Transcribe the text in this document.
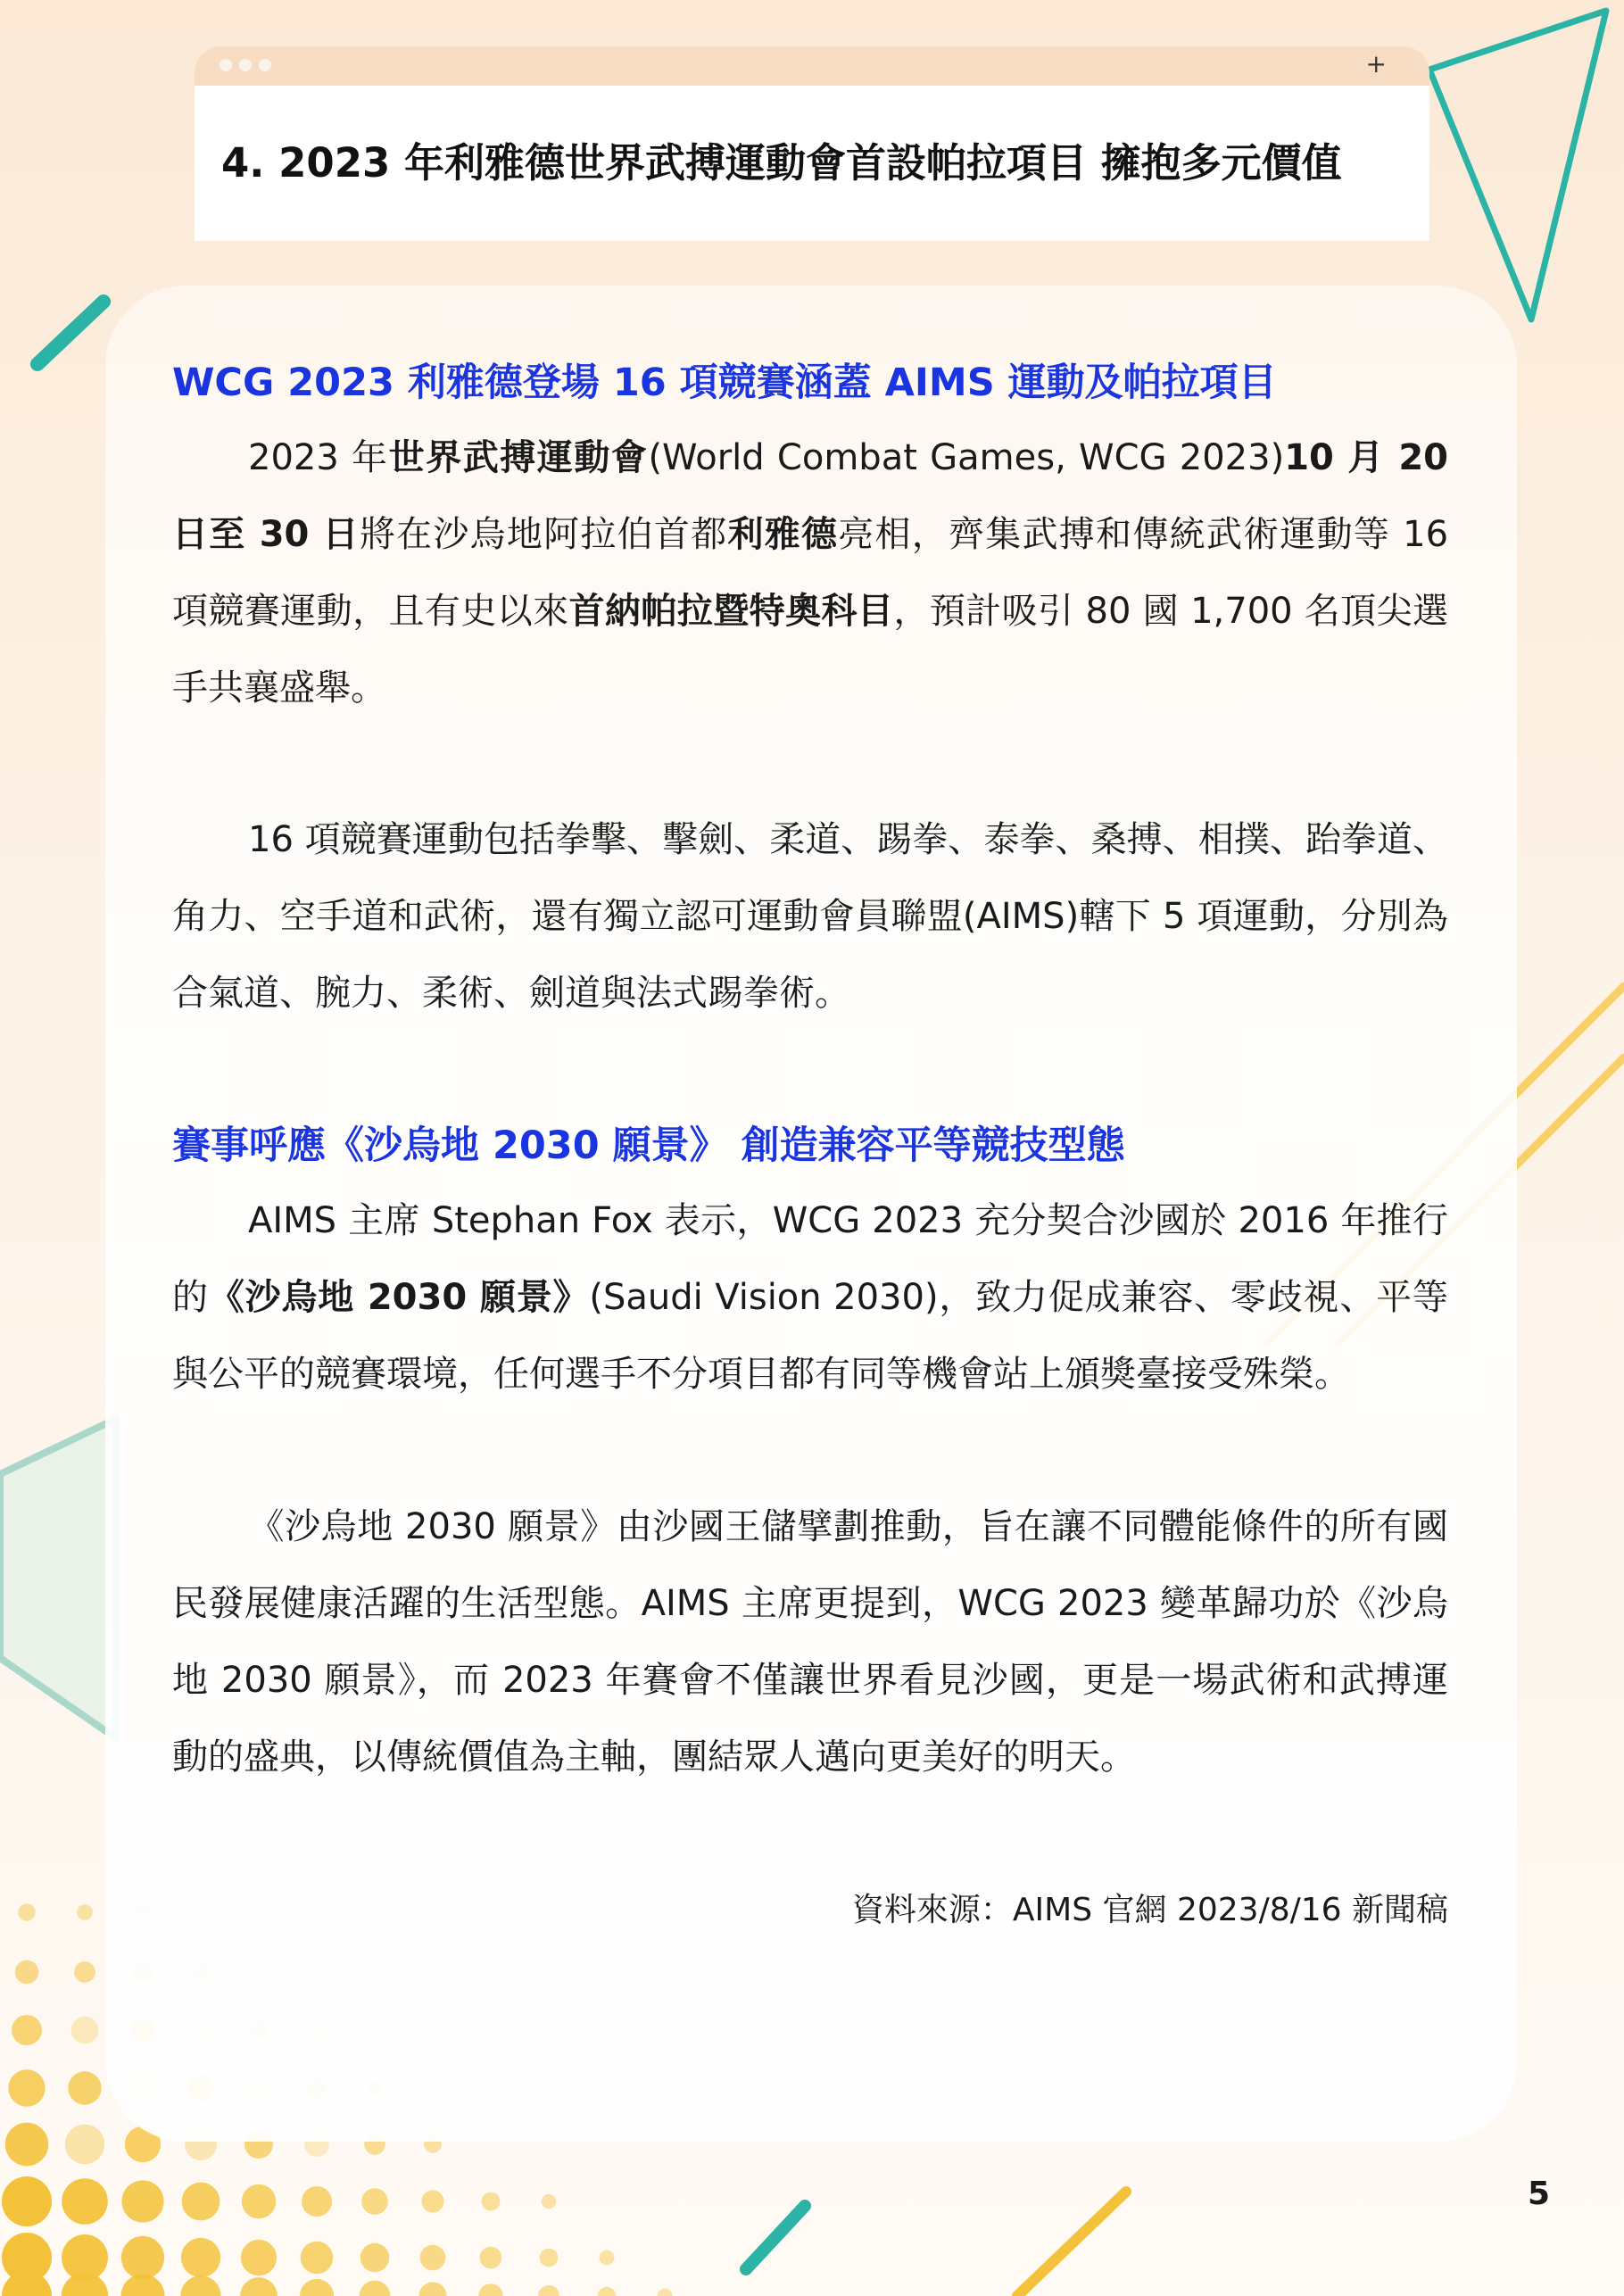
+
4. 2023 年利雅德世界武搏運動會首設帕拉項目 擁抱多元價值
WCG 2023 利雅德登場 16 項競賽涵蓋 AIMS 運動及帕拉項目

2023 年世界武搏運動會(World Combat Games, WCG 2023)10 月 20 日至 30 日將在沙烏地阿拉伯首都利雅德亮相，齊集武搏和傳統武術運動等 16 項競賽運動，且有史以來首納帕拉暨特奧科目，預計吸引 80 國 1,700 名頂尖選手共襄盛舉。

16 項競賽運動包括拳擊、擊劍、柔道、踢拳、泰拳、桑搏、相撲、跆拳道、角力、空手道和武術，還有獨立認可運動會員聯盟(AIMS)轄下 5 項運動，分別為合氣道、腕力、柔術、劍道與法式踢拳術。

賽事呼應《沙烏地 2030 願景》 創造兼容平等競技型態

AIMS 主席 Stephan Fox 表示，WCG 2023 充分契合沙國於 2016 年推行的《沙烏地 2030 願景》(Saudi Vision 2030)，致力促成兼容、零歧視、平等與公平的競賽環境，任何選手不分項目都有同等機會站上頒獎臺接受殊榮。

《沙烏地 2030 願景》由沙國王儲擘劃推動，旨在讓不同體能條件的所有國民發展健康活躍的生活型態。AIMS 主席更提到，WCG 2023 變革歸功於《沙烏地 2030 願景》，而 2023 年賽會不僅讓世界看見沙國，更是一場武術和武搏運動的盛典，以傳統價值為主軸，團結眾人邁向更美好的明天。

資料來源：AIMS 官網 2023/8/16 新聞稿
5
